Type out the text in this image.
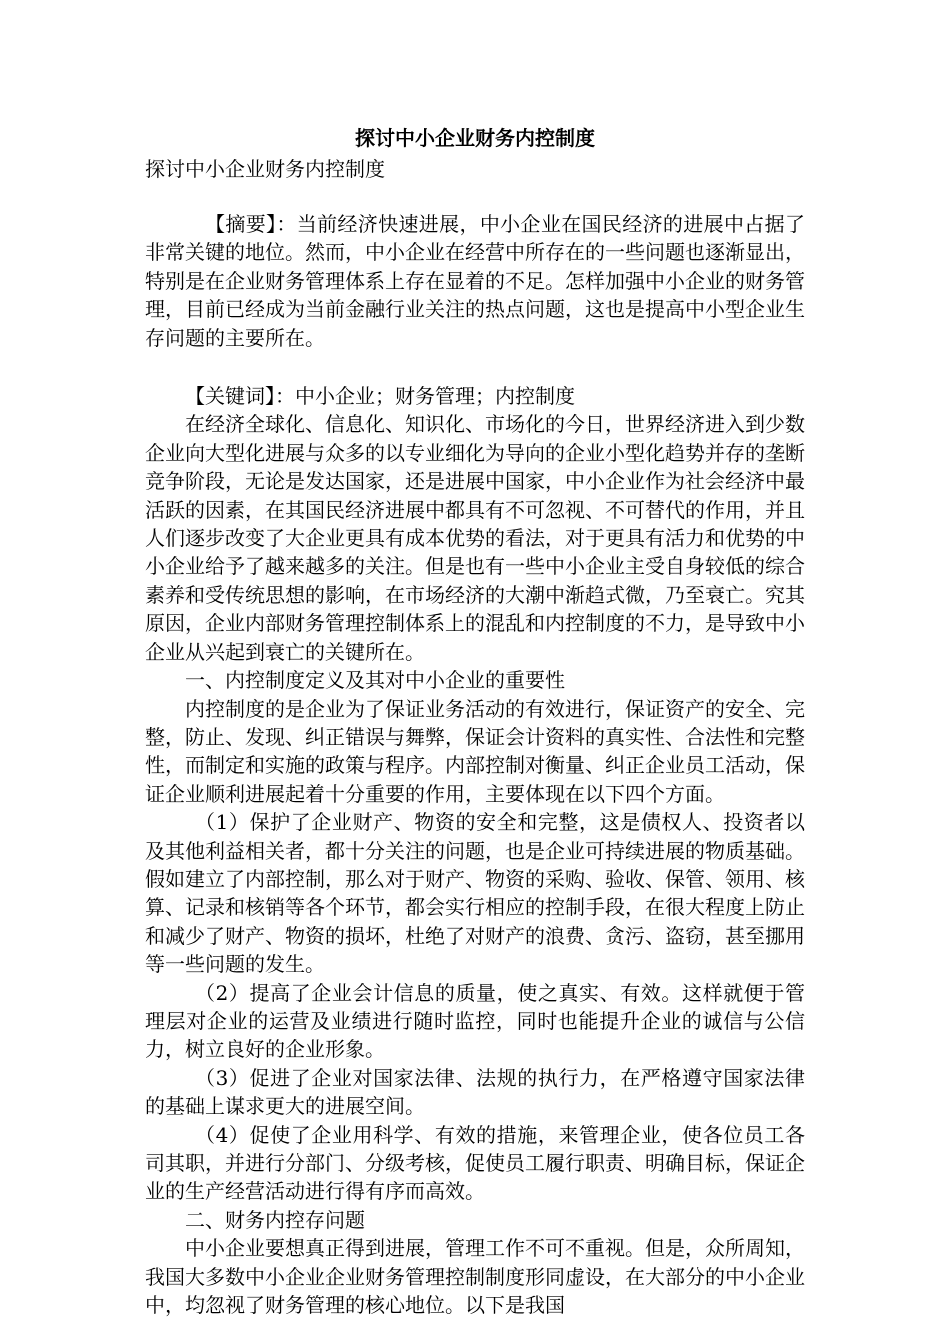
探讨中小企业财务内控制度

探讨中小企业财务内控制度

【摘要】：当前经济快速进展，中小企业在国民经济的进展中占据了非常关键的地位。然而，中小企业在经营中所存在的一些问题也逐渐显出，特别是在企业财务管理体系上存在显着的不足。怎样加强中小企业的财务管理，目前已经成为当前金融行业关注的热点问题，这也是提高中小型企业生存问题的主要所在。

【关键词】：中小企业；财务管理；内控制度

在经济全球化、信息化、知识化、市场化的今日，世界经济进入到少数企业向大型化进展与众多的以专业细化为导向的企业小型化趋势并存的垄断竞争阶段，无论是发达国家，还是进展中国家，中小企业作为社会经济中最活跃的因素，在其国民经济进展中都具有不可忽视、不可替代的作用，并且人们逐步改变了大企业更具有成本优势的看法，对于更具有活力和优势的中小企业给予了越来越多的关注。但是也有一些中小企业主受自身较低的综合素养和受传统思想的影响，在市场经济的大潮中渐趋式微，乃至衰亡。究其原因，企业内部财务管理控制体系上的混乱和内控制度的不力，是导致中小企业从兴起到衰亡的关键所在。

一、内控制度定义及其对中小企业的重要性

内控制度的是企业为了保证业务活动的有效进行，保证资产的安全、完整，防止、发现、纠正错误与舞弊，保证会计资料的真实性、合法性和完整性，而制定和实施的政策与程序。内部控制对衡量、纠正企业员工活动，保证企业顺利进展起着十分重要的作用，主要体现在以下四个方面。

（1）保护了企业财产、物资的安全和完整，这是债权人、投资者以及其他利益相关者，都十分关注的问题，也是企业可持续进展的物质基础。假如建立了内部控制，那么对于财产、物资的采购、验收、保管、领用、核算、记录和核销等各个环节，都会实行相应的控制手段，在很大程度上防止和减少了财产、物资的损坏，杜绝了对财产的浪费、贪污、盗窃，甚至挪用等一些问题的发生。

（2）提高了企业会计信息的质量，使之真实、有效。这样就便于管理层对企业的运营及业绩进行随时监控，同时也能提升企业的诚信与公信力，树立良好的企业形象。

（3）促进了企业对国家法律、法规的执行力，在严格遵守国家法律的基础上谋求更大的进展空间。

（4）促使了企业用科学、有效的措施，来管理企业，使各位员工各司其职，并进行分部门、分级考核，促使员工履行职责、明确目标，保证企业的生产经营活动进行得有序而高效。

二、财务内控存问题

中小企业要想真正得到进展，管理工作不可不重视。但是，众所周知，我国大多数中小企业企业财务管理控制制度形同虚设，在大部分的中小企业中，均忽视了财务管理的核心地位。以下是我国
